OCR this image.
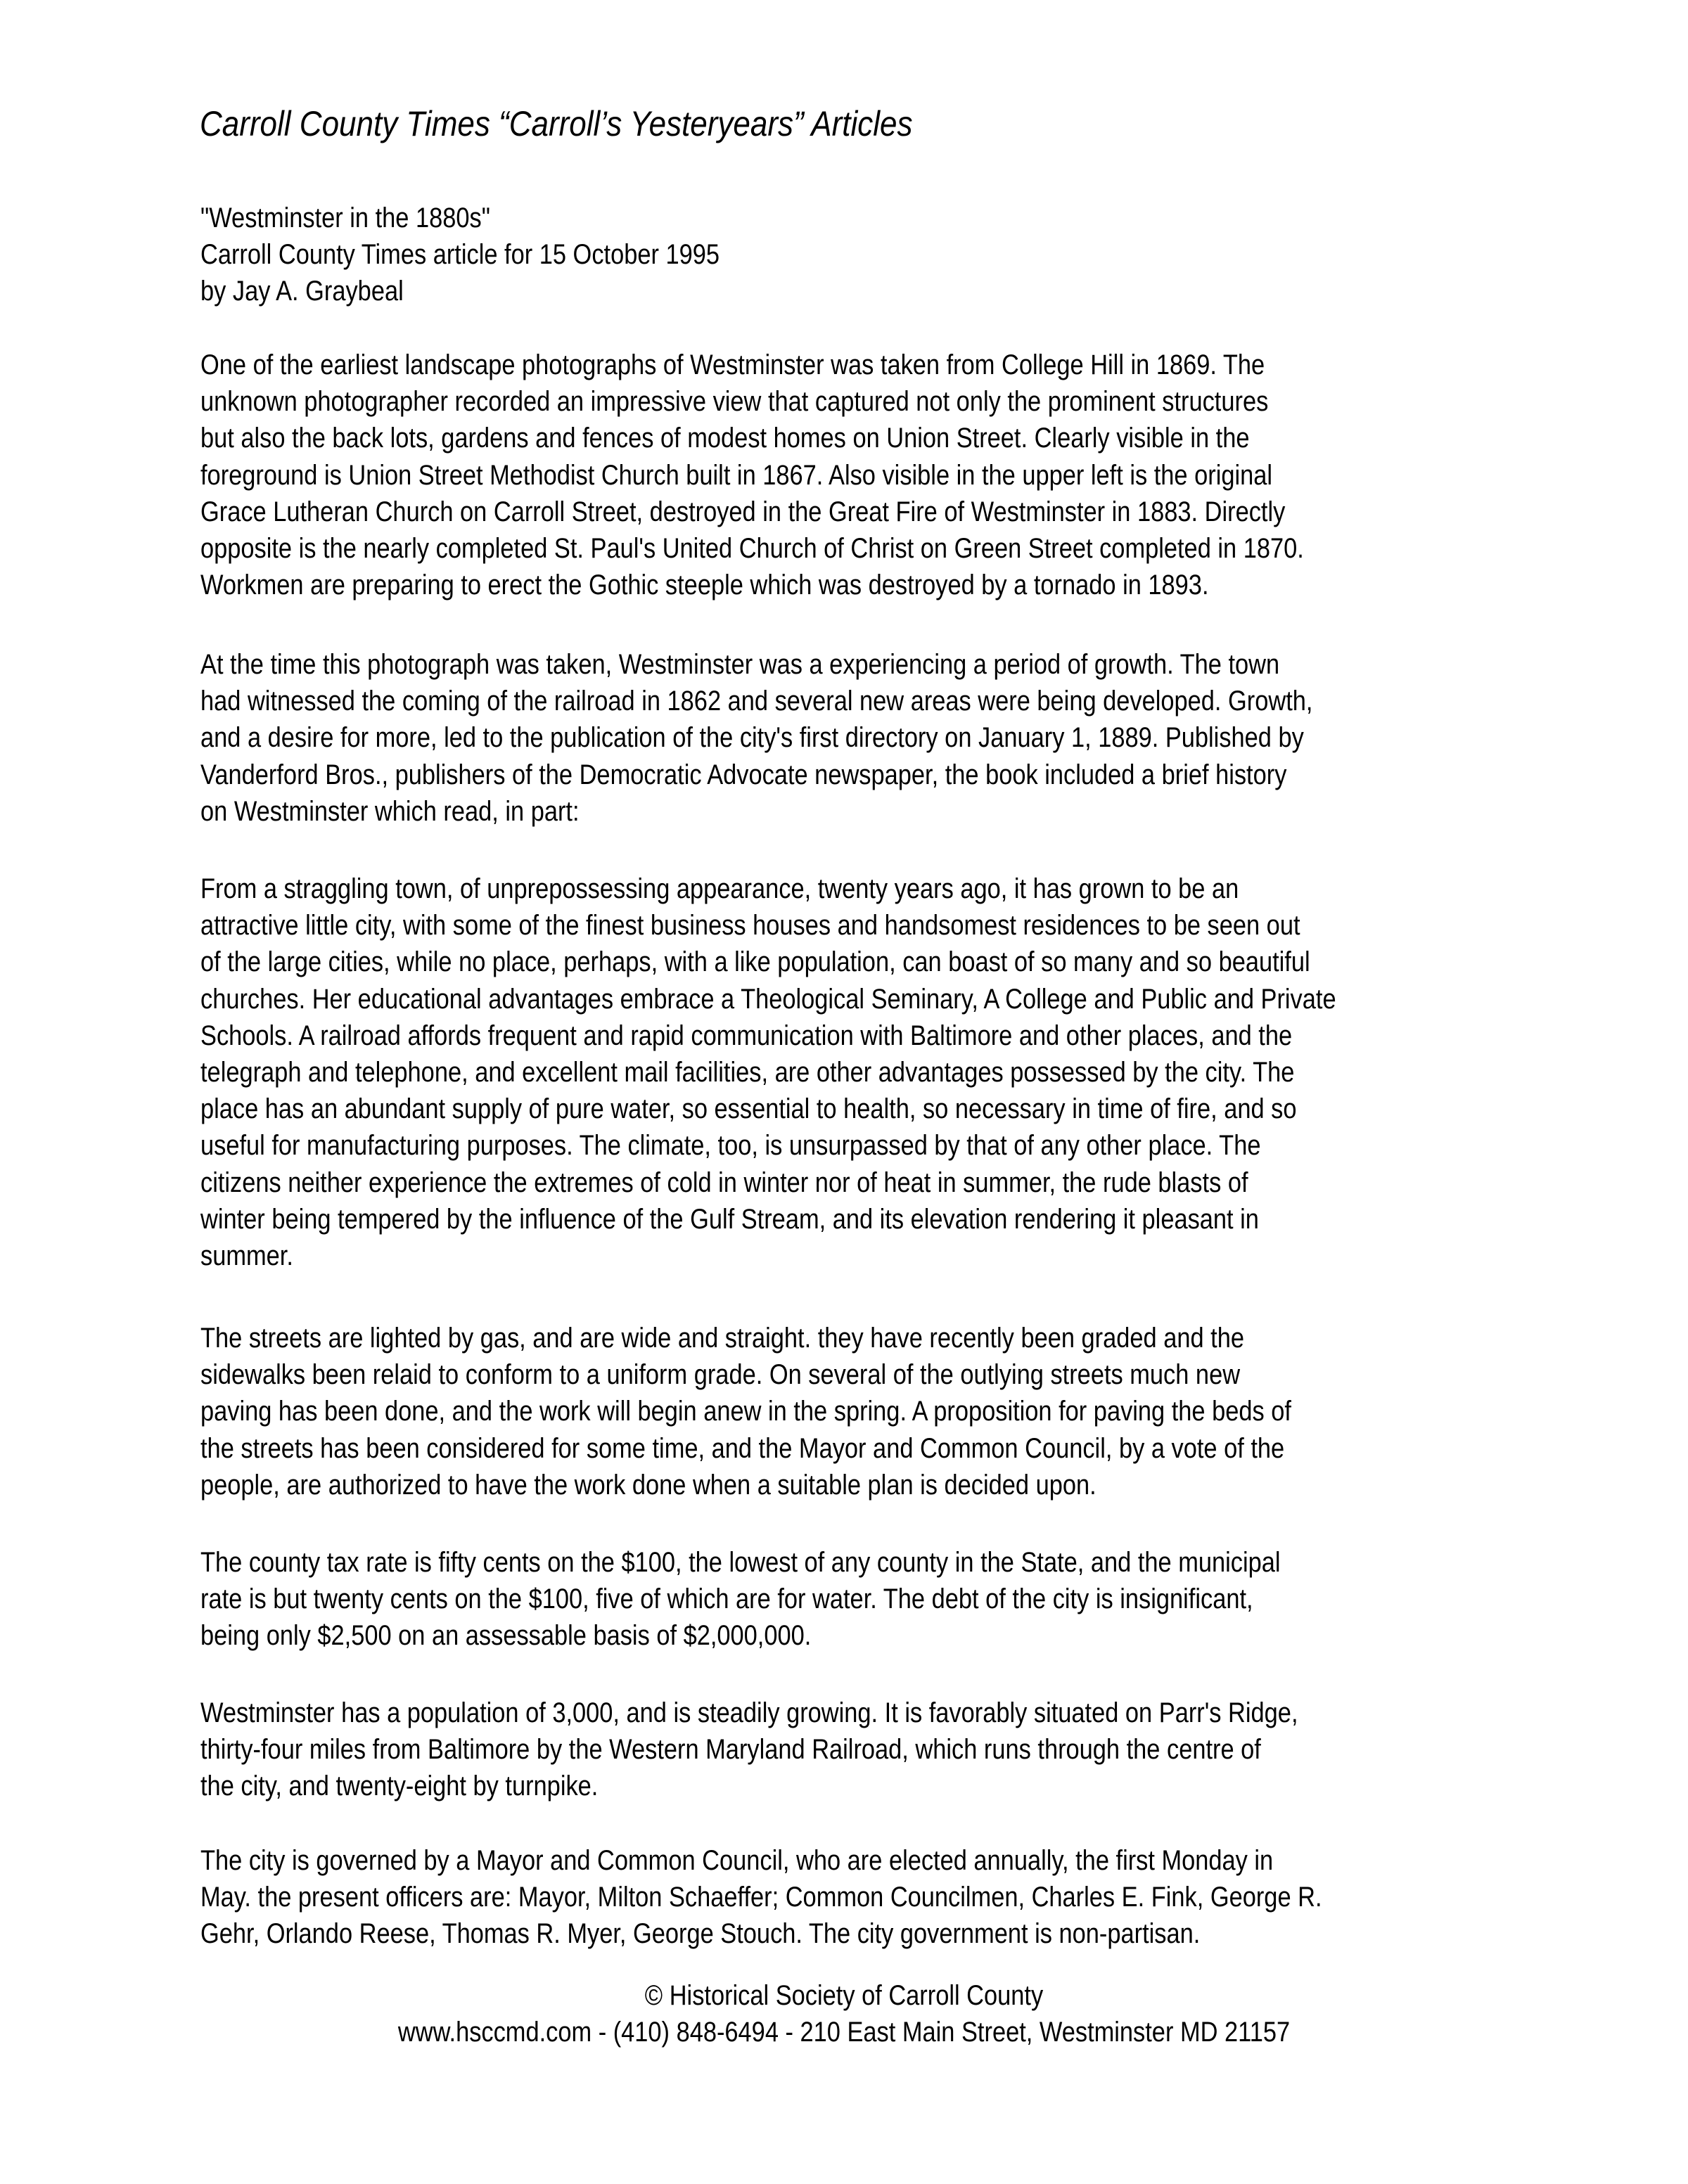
Carroll County Times “Carroll’s Yesteryears” Articles
"Westminster in the 1880s"
Carroll County Times article for 15 October 1995
by Jay A. Graybeal
One of the earliest landscape photographs of Westminster was taken from College Hill in 1869. The
unknown photographer recorded an impressive view that captured not only the prominent structures
but also the back lots, gardens and fences of modest homes on Union Street. Clearly visible in the
foreground is Union Street Methodist Church built in 1867. Also visible in the upper left is the original
Grace Lutheran Church on Carroll Street, destroyed in the Great Fire of Westminster in 1883. Directly
opposite is the nearly completed St. Paul's United Church of Christ on Green Street completed in 1870.
Workmen are preparing to erect the Gothic steeple which was destroyed by a tornado in 1893.
At the time this photograph was taken, Westminster was a experiencing a period of growth. The town
had witnessed the coming of the railroad in 1862 and several new areas were being developed. Growth,
and a desire for more, led to the publication of the city's first directory on January 1, 1889. Published by
Vanderford Bros., publishers of the Democratic Advocate newspaper, the book included a brief history
on Westminster which read, in part:
From a straggling town, of unprepossessing appearance, twenty years ago, it has grown to be an
attractive little city, with some of the finest business houses and handsomest residences to be seen out
of the large cities, while no place, perhaps, with a like population, can boast of so many and so beautiful
churches. Her educational advantages embrace a Theological Seminary, A College and Public and Private
Schools. A railroad affords frequent and rapid communication with Baltimore and other places, and the
telegraph and telephone, and excellent mail facilities, are other advantages possessed by the city. The
place has an abundant supply of pure water, so essential to health, so necessary in time of fire, and so
useful for manufacturing purposes. The climate, too, is unsurpassed by that of any other place. The
citizens neither experience the extremes of cold in winter nor of heat in summer, the rude blasts of
winter being tempered by the influence of the Gulf Stream, and its elevation rendering it pleasant in
summer.
The streets are lighted by gas, and are wide and straight. they have recently been graded and the
sidewalks been relaid to conform to a uniform grade. On several of the outlying streets much new
paving has been done, and the work will begin anew in the spring. A proposition for paving the beds of
the streets has been considered for some time, and the Mayor and Common Council, by a vote of the
people, are authorized to have the work done when a suitable plan is decided upon.
The county tax rate is fifty cents on the $100, the lowest of any county in the State, and the municipal
rate is but twenty cents on the $100, five of which are for water. The debt of the city is insignificant,
being only $2,500 on an assessable basis of $2,000,000.
Westminster has a population of 3,000, and is steadily growing. It is favorably situated on Parr's Ridge,
thirty-four miles from Baltimore by the Western Maryland Railroad, which runs through the centre of
the city, and twenty-eight by turnpike.
The city is governed by a Mayor and Common Council, who are elected annually, the first Monday in
May. the present officers are: Mayor, Milton Schaeffer; Common Councilmen, Charles E. Fink, George R.
Gehr, Orlando Reese, Thomas R. Myer, George Stouch. The city government is non-partisan.
© Historical Society of Carroll County
www.hsccmd.com - (410) 848-6494 - 210 East Main Street, Westminster MD 21157
